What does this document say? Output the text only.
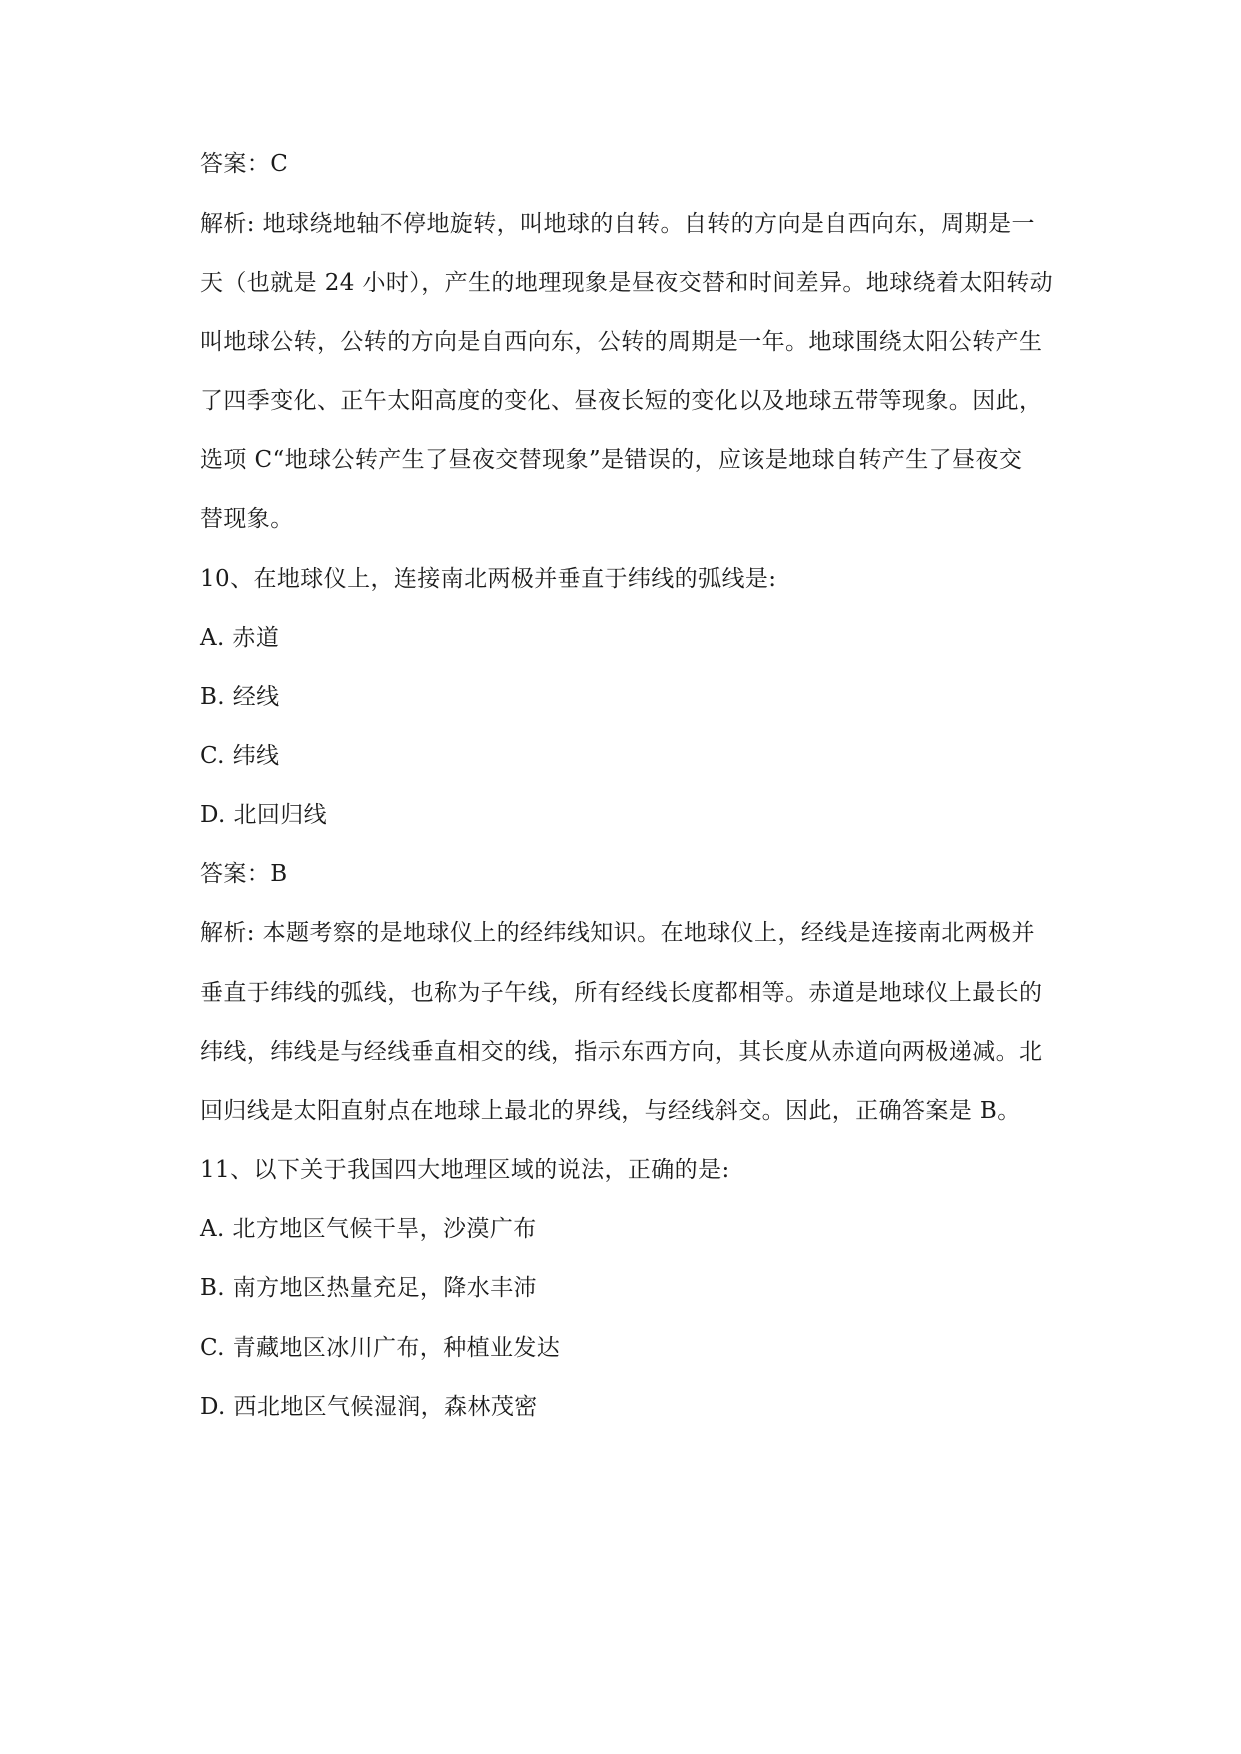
答案：C

解析: 地球绕地轴不停地旋转，叫地球的自转。自转的方向是自西向东，周期是一

天（也就是 24 小时），产生的地理现象是昼夜交替和时间差异。地球绕着太阳转动

叫地球公转，公转的方向是自西向东，公转的周期是一年。地球围绕太阳公转产生

了四季变化、正午太阳高度的变化、昼夜长短的变化以及地球五带等现象。因此，

选项 C“地球公转产生了昼夜交替现象”是错误的，应该是地球自转产生了昼夜交

替现象。

10、在地球仪上，连接南北两极并垂直于纬线的弧线是:

A. 赤道

B. 经线

C. 纬线

D. 北回归线

答案：B

解析: 本题考察的是地球仪上的经纬线知识。在地球仪上，经线是连接南北两极并

垂直于纬线的弧线，也称为子午线，所有经线长度都相等。赤道是地球仪上最长的

纬线，纬线是与经线垂直相交的线，指示东西方向，其长度从赤道向两极递减。北

回归线是太阳直射点在地球上最北的界线，与经线斜交。因此，正确答案是 B。

11、以下关于我国四大地理区域的说法，正确的是:

A. 北方地区气候干旱，沙漠广布

B. 南方地区热量充足，降水丰沛

C. 青藏地区冰川广布，种植业发达

D. 西北地区气候湿润，森林茂密
